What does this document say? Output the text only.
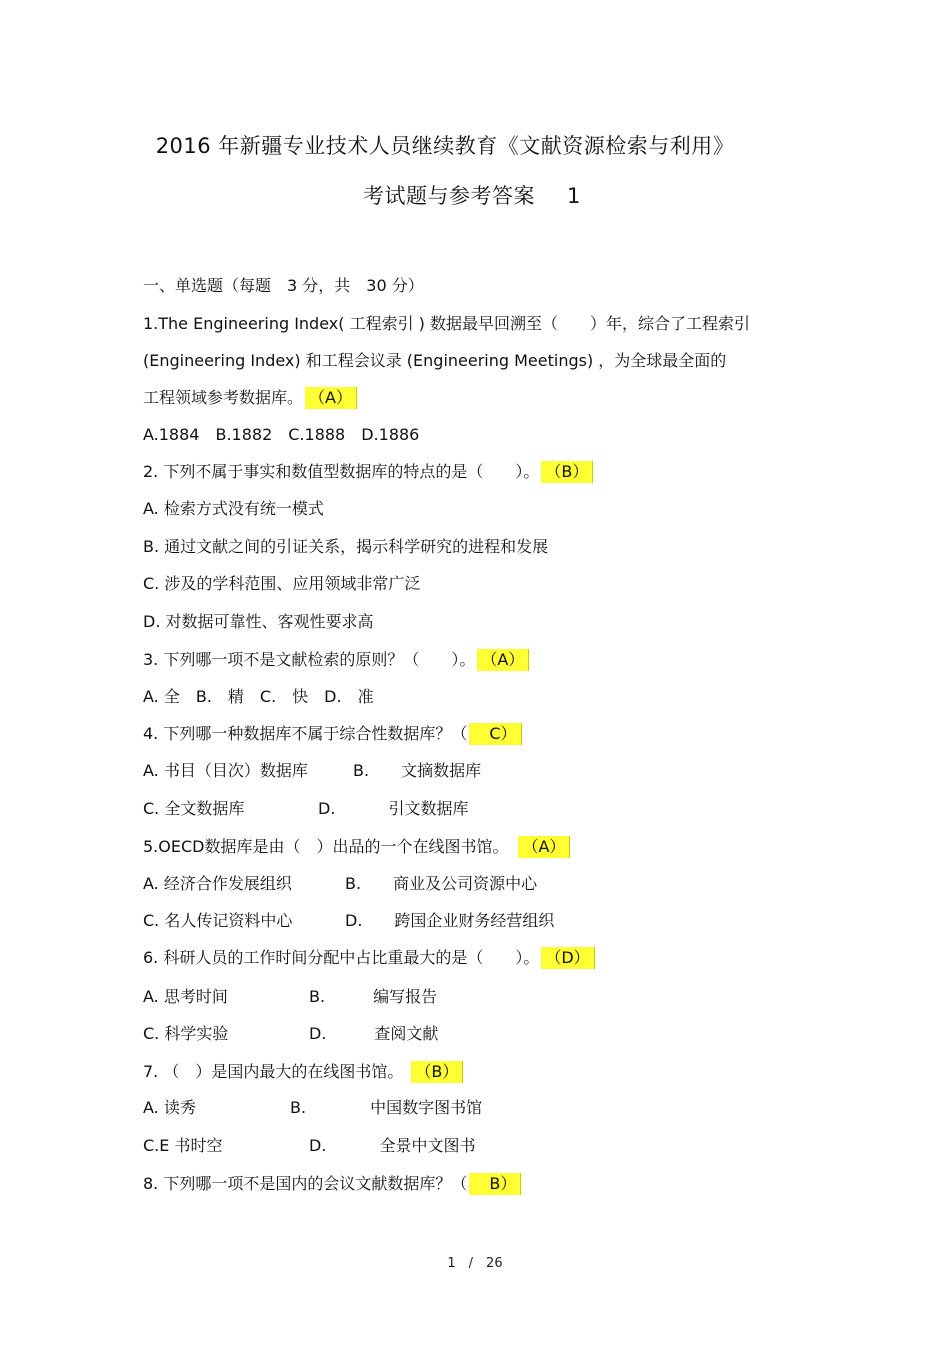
2016 年新疆专业技术人员继续教育《文献资源检索与利用》
考试题与参考答案 1
一、单选题（每题　3 分，共　30 分）
1.The Engineering Index( 工程索引 ) 数据最早回溯至（　　）年，综合了工程索引
(Engineering Index) 和工程会议录 (Engineering Meetings) ，为全球最全面的
工程领域参考数据库。 （A）
A.1884　B.1882　C.1888　D.1886
2. 下列不属于事实和数值型数据库的特点的是（　　）。 （B）
A. 检索方式没有统一模式
B. 通过文献之间的引证关系，揭示科学研究的进程和发展
C. 涉及的学科范围、应用领域非常广泛
D. 对数据可靠性、客观性要求高
3. 下列哪一项不是文献检索的原则？（　　）。 （A）
A. 全　B.　精　C.　快　D.　准
4. 下列哪一种数据库不属于综合性数据库？（　C）
A. 书目（目次）数据库	B.　　文摘数据库
C. 全文数据库	D.　　　 引文数据库
5.OECD数据库是由（　）出品的一个在线图书馆。 （A）
A. 经济合作发展组织	B.　　商业及公司资源中心
C. 名人传记资料中心	D.　　跨国企业财务经营组织
6. 科研人员的工作时间分配中占比重最大的是（　　）。 （D）
A. 思考时间	B.　　　编写报告
C. 科学实验	D.　　　查阅文献
7. （　）是国内最大的在线图书馆。 （B）
A. 读秀	B.　　　　中国数字图书馆
C.E 书时空	D.　　　 全景中文图书
8. 下列哪一项不是国内的会议文献数据库？（　B）
1　/　26
